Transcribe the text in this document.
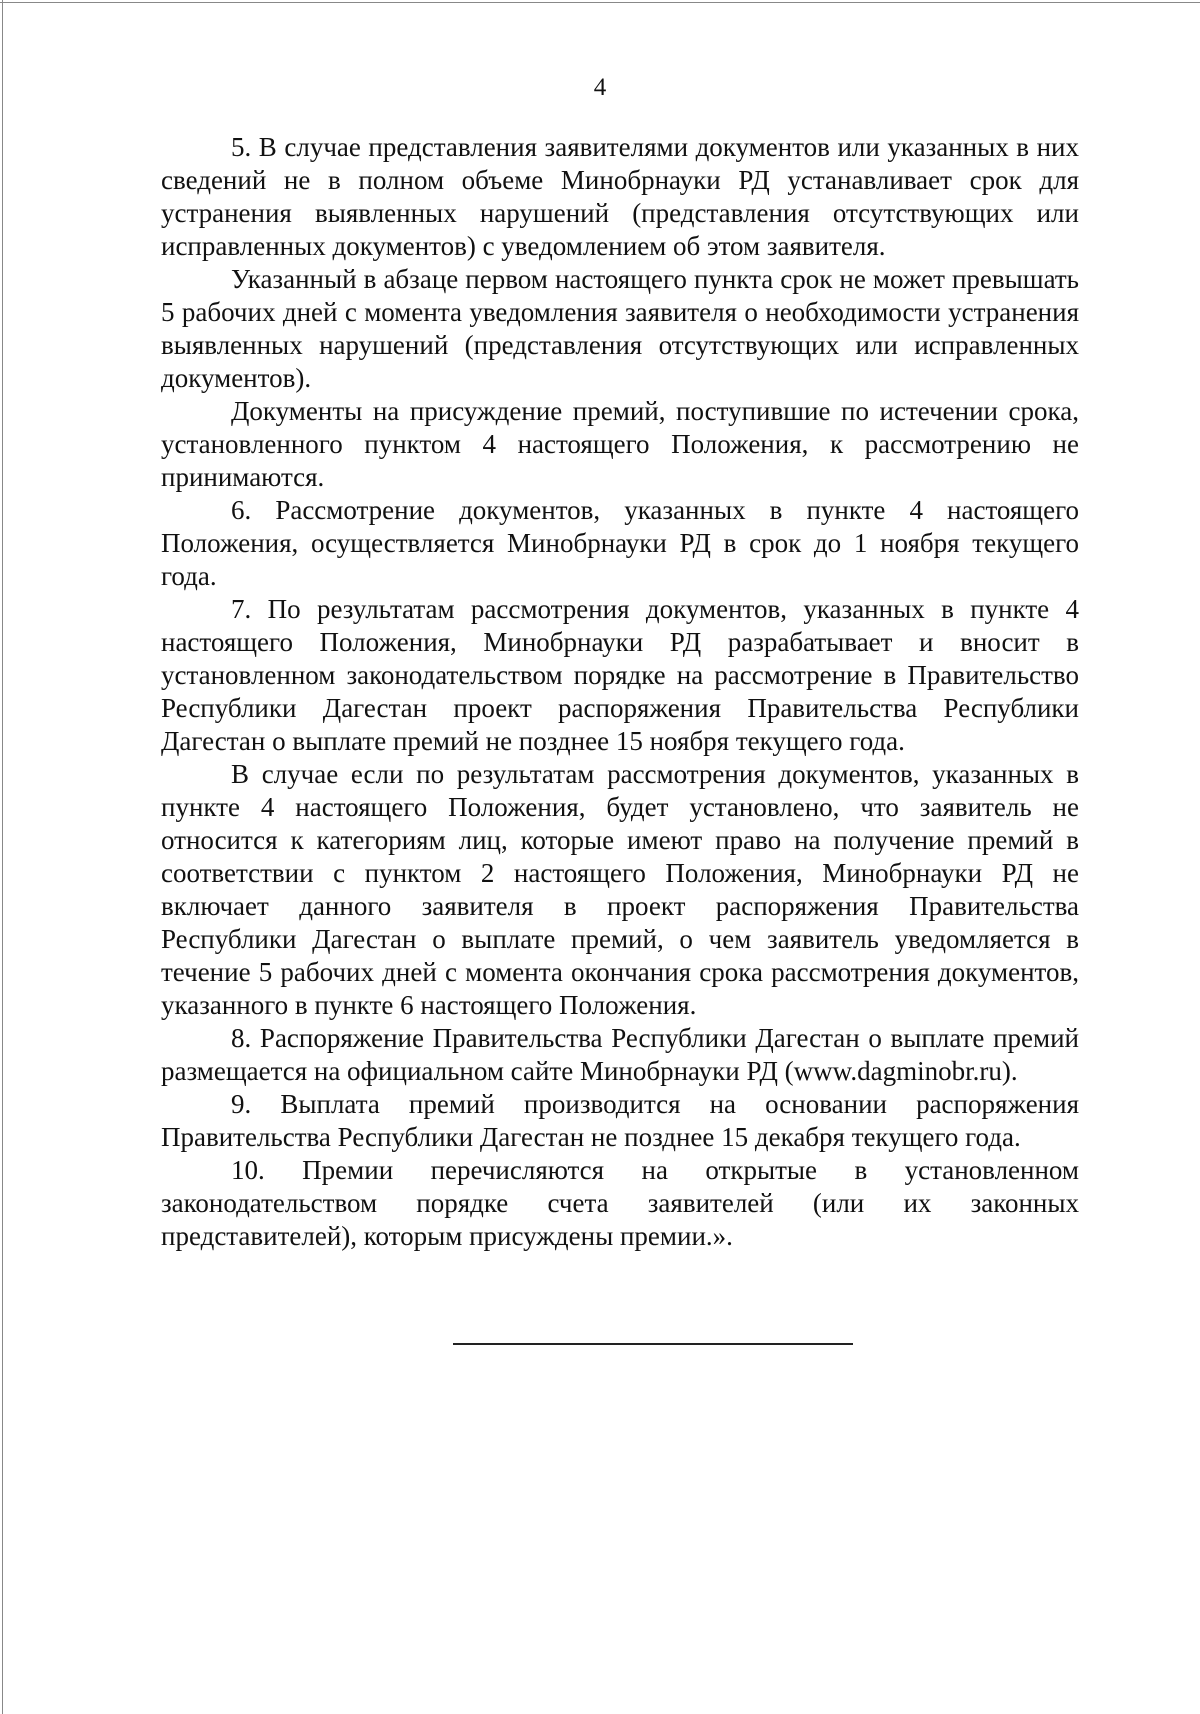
4

5. В случае представления заявителями документов или указанных в них сведений не в полном объеме Минобрнауки РД устанавливает срок для устранения выявленных нарушений (представления отсутствующих или исправленных документов) с уведомлением об этом заявителя.

Указанный в абзаце первом настоящего пункта срок не может превышать 5 рабочих дней с момента уведомления заявителя о необходимости устранения выявленных нарушений (представления отсутствующих или исправленных документов).

Документы на присуждение премий, поступившие по истечении срока, установленного пунктом 4 настоящего Положения, к рассмотрению не принимаются.

6. Рассмотрение документов, указанных в пункте 4 настоящего Положения, осуществляется Минобрнауки РД в срок до 1 ноября текущего года.

7. По результатам рассмотрения документов, указанных в пункте 4 настоящего Положения, Минобрнауки РД разрабатывает и вносит в установленном законодательством порядке на рассмотрение в Правительство Республики Дагестан проект распоряжения Правительства Республики Дагестан о выплате премий не позднее 15 ноября текущего года.

В случае если по результатам рассмотрения документов, указанных в пункте 4 настоящего Положения, будет установлено, что заявитель не относится к категориям лиц, которые имеют право на получение премий в соответствии с пунктом 2 настоящего Положения, Минобрнауки РД не включает данного заявителя в проект распоряжения Правительства Республики Дагестан о выплате премий, о чем заявитель уведомляется в течение 5 рабочих дней с момента окончания срока рассмотрения документов, указанного в пункте 6 настоящего Положения.

8. Распоряжение Правительства Республики Дагестан о выплате премий размещается на официальном сайте Минобрнауки РД (www.dagminobr.ru).

9. Выплата премий производится на основании распоряжения Правительства Республики Дагестан не позднее 15 декабря текущего года.

10. Премии перечисляются на открытые в установленном законодательством порядке счета заявителей (или их законных представителей), которым присуждены премии.».
